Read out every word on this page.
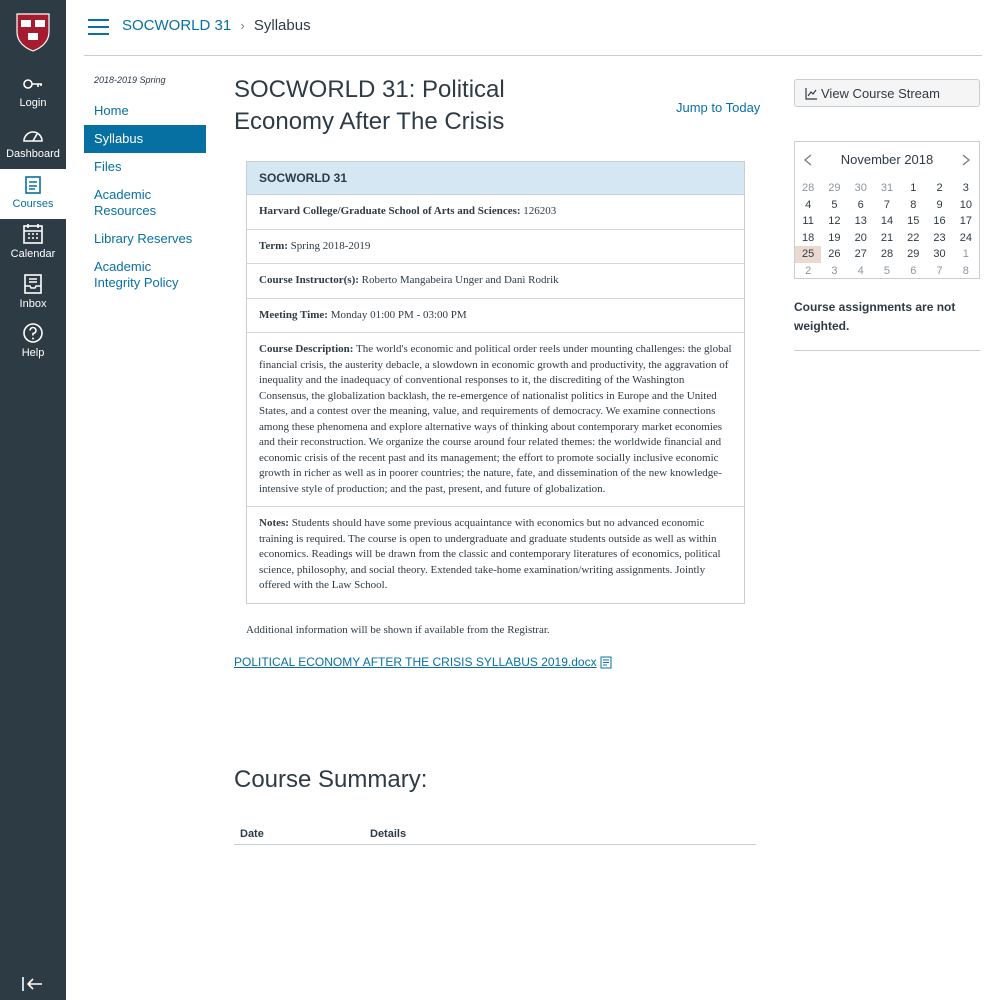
Login
Dashboard
Courses
Calendar
Inbox
Help
SOCWORLD 31 › Syllabus
2018-2019 Spring
Home
Syllabus
Files
Academic Resources
Library Reserves
Academic Integrity Policy
SOCWORLD 31: Political Economy After The Crisis
Jump to Today
SOCWORLD 31
Harvard College/Graduate School of Arts and Sciences: 126203
Term: Spring 2018-2019
Course Instructor(s): Roberto Mangabeira Unger and Dani Rodrik
Meeting Time: Monday 01:00 PM - 03:00 PM
Course Description: The world's economic and political order reels under mounting challenges: the global financial crisis, the austerity debacle, a slowdown in economic growth and productivity, the aggravation of inequality and the inadequacy of conventional responses to it, the discrediting of the Washington Consensus, the globalization backlash, the re-emergence of nationalist politics in Europe and the United States, and a contest over the meaning, value, and requirements of democracy. We examine connections among these phenomena and explore alternative ways of thinking about contemporary market economies and their reconstruction. We organize the course around four related themes: the worldwide financial and economic crisis of the recent past and its management; the effort to promote socially inclusive economic growth in richer as well as in poorer countries; the nature, fate, and dissemination of the new knowledge-intensive style of production; and the past, present, and future of globalization.
Notes: Students should have some previous acquaintance with economics but no advanced economic training is required. The course is open to undergraduate and graduate students outside as well as within economics. Readings will be drawn from the classic and contemporary literatures of economics, political science, philosophy, and social theory. Extended take-home examination/writing assignments. Jointly offered with the Law School.
Additional information will be shown if available from the Registrar.
POLITICAL ECONOMY AFTER THE CRISIS SYLLABUS 2019.docx
Course Summary:
Date	Details
View Course Stream
November 2018
28	29	30	31	1	2	3
4	5	6	7	8	9	10
11	12	13	14	15	16	17
18	19	20	21	22	23	24
25	26	27	28	29	30	1
2	3	4	5	6	7	8
Course assignments are not weighted.
